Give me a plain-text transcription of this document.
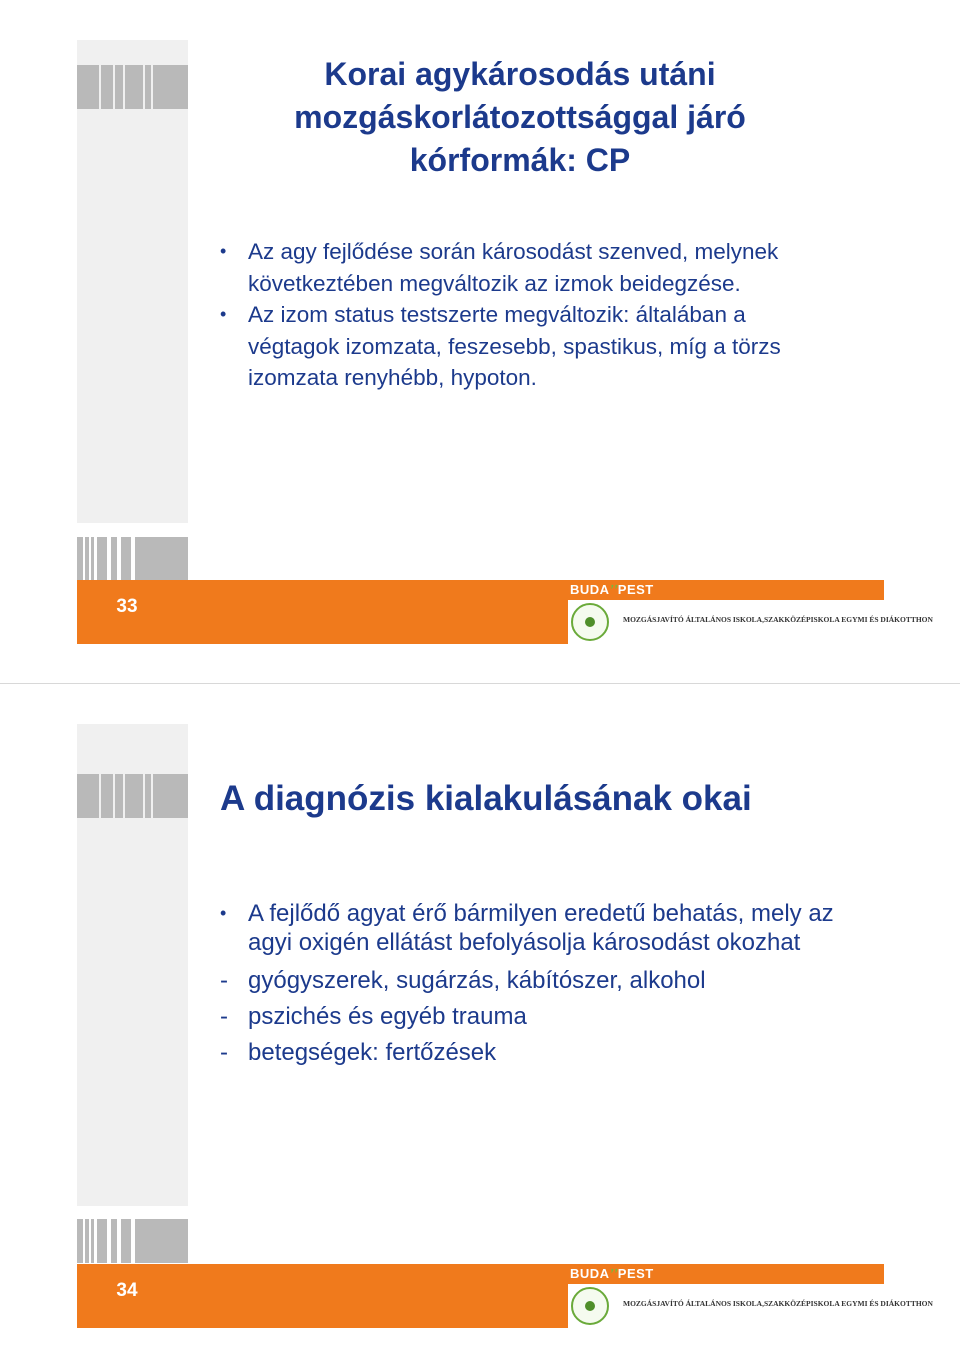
Korai agykárosodás utáni mozgáskorlátozottsággal járó kórformák: CP
• Az agy fejlődése során károsodást szenved, melynek következtében megváltozik az izmok beidegzése.
• Az izom status testszerte megváltozik: általában a végtagok izomzata, feszesebb, spastikus, míg a törzs izomzata renyhébb, hypoton.
33
BUDAʼʼPEST
MOZGÁSJAVÍTÓ ÁLTALÁNOS ISKOLA,SZAKKÖZÉPISKOLA EGYMI ÉS DIÁKOTTHON
A diagnózis kialakulásának okai
• A fejlődő agyat érő bármilyen eredetű behatás, mely az agyi oxigén ellátást befolyásolja károsodást okozhat
- gyógyszerek, sugárzás, kábítószer, alkohol
- pszichés és egyéb trauma
- betegségek: fertőzések
34
BUDAʼʼPEST
MOZGÁSJAVÍTÓ ÁLTALÁNOS ISKOLA,SZAKKÖZÉPISKOLA EGYMI ÉS DIÁKOTTHON
